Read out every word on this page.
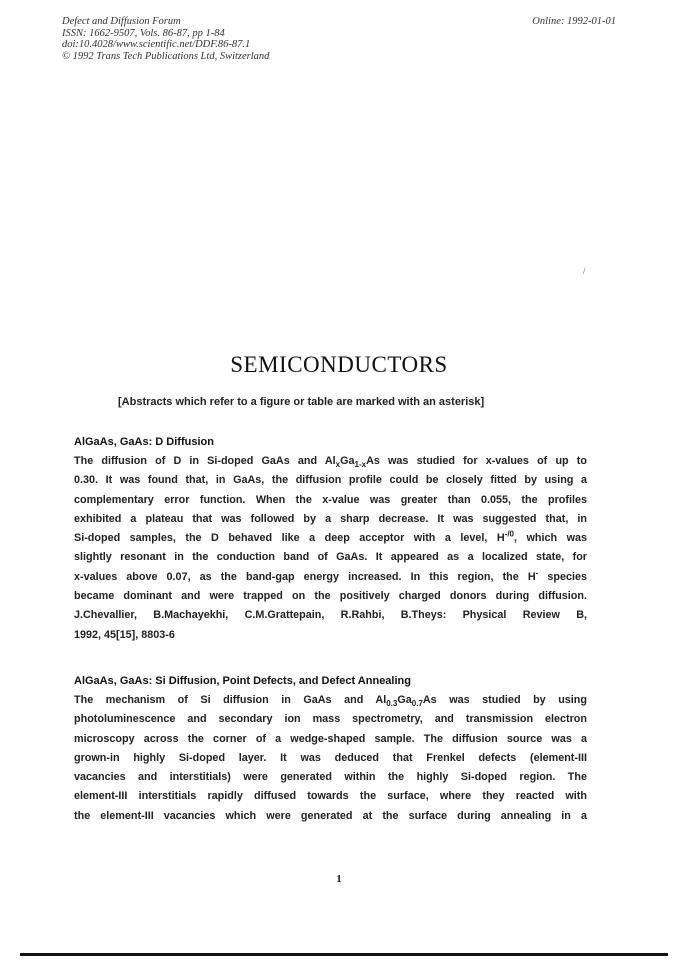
Defect and Diffusion Forum
ISSN: 1662-9507, Vols. 86-87, pp 1-84
doi:10.4028/www.scientific.net/DDF.86-87.1
© 1992 Trans Tech Publications Ltd, Switzerland
Online: 1992-01-01
/
SEMICONDUCTORS
[Abstracts which refer to a figure or table are marked with an asterisk]
AlGaAs, GaAs: D Diffusion
The diffusion of D in Si-doped GaAs and $Al_xGa_{1-x}As$ was studied for x-values of up to
0.30. It was found that, in GaAs, the diffusion profile could be closely fitted by using a
complementary error function. When the x-value was greater than 0.055, the profiles
exhibited a plateau that was followed by a sharp decrease. It was suggested that, in
Si-doped samples, the D behaved like a deep acceptor with a level, $H^{-/0}$, which was
slightly resonant in the conduction band of GaAs. It appeared as a localized state, for
x-values above 0.07, as the band-gap energy increased. In this region, the H- species
became dominant and were trapped on the positively charged donors during diffusion.
J.Chevallier, B.Machayekhi, C.M.Grattepain, R.Rahbi, B.Theys: Physical Review B,
1992, 45[15], 8803-6
AlGaAs, GaAs: Si Diffusion, Point Defects, and Defect Annealing
The mechanism of Si diffusion in GaAs and $Al_{0.3}Ga_{0.7}As$ was studied by using
photoluminescence and secondary ion mass spectrometry, and transmission electron
microscopy across the corner of a wedge-shaped sample. The diffusion source was a
grown-in highly Si-doped layer. It was deduced that Frenkel defects (element-III
vacancies and interstitials) were generated within the highly Si-doped region. The
element-III interstitials rapidly diffused towards the surface, where they reacted with
the element-III vacancies which were generated at the surface during annealing in a
1
